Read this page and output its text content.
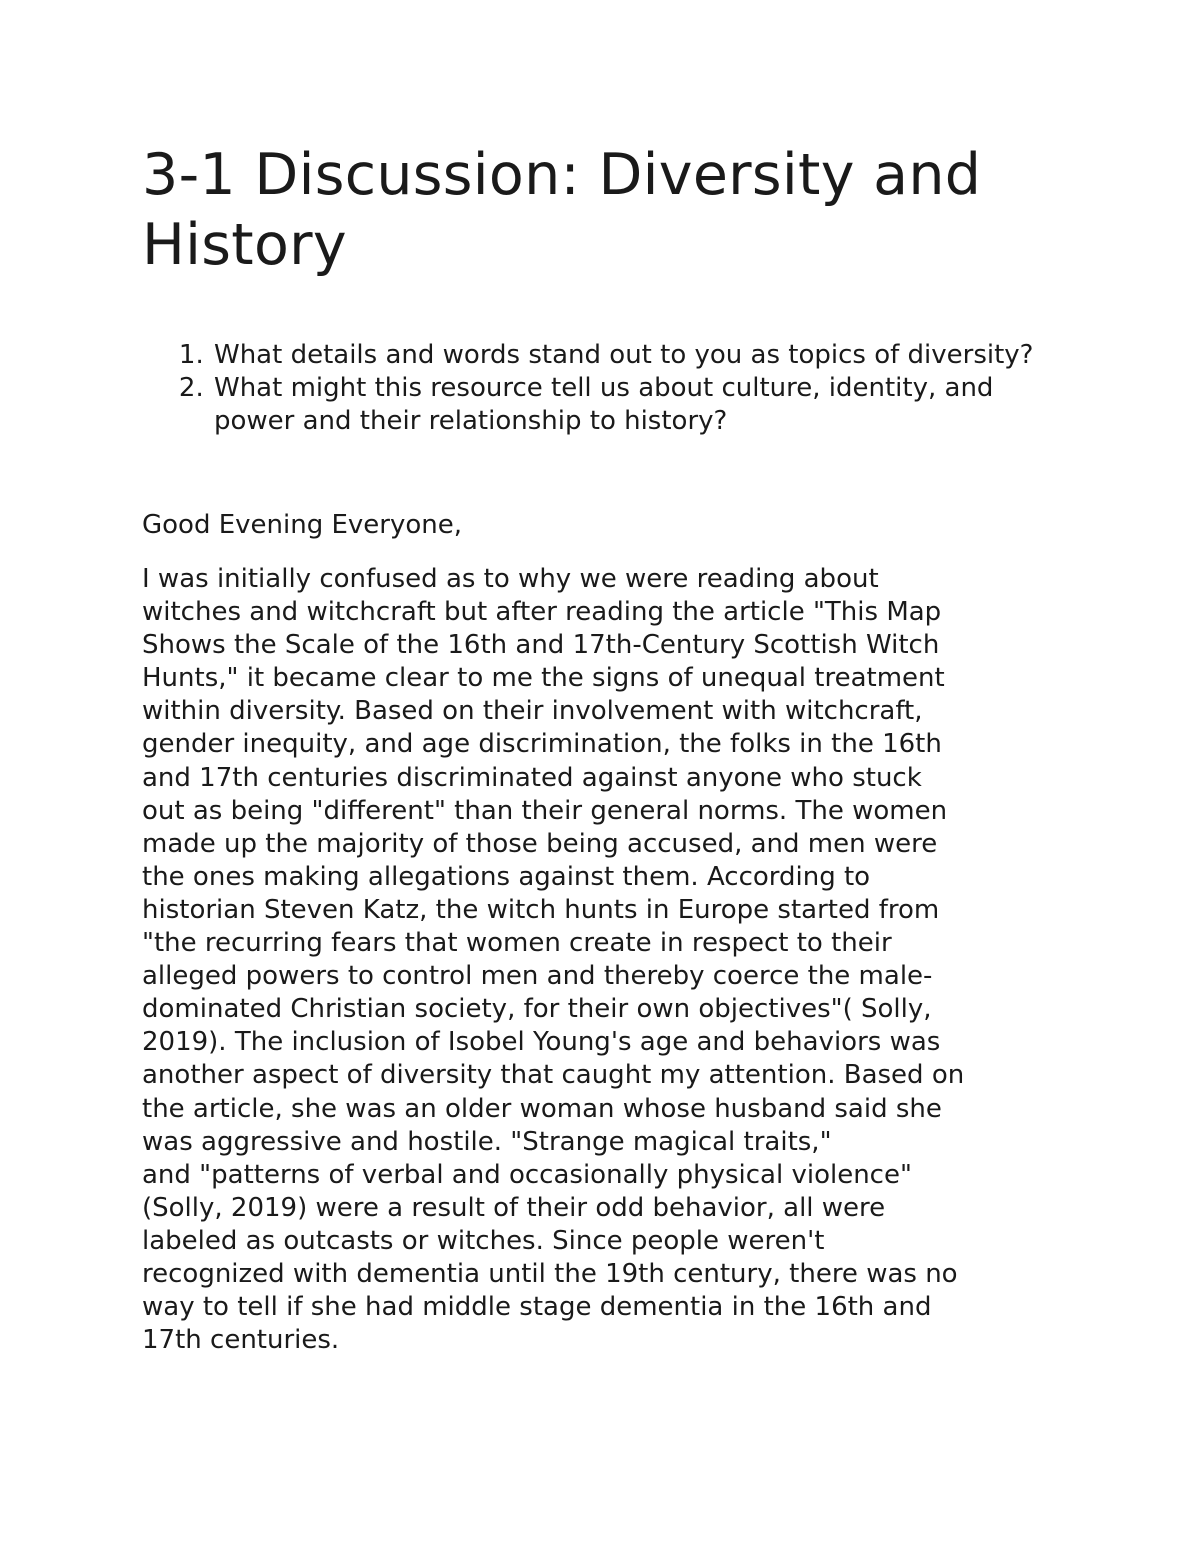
3-1 Discussion: Diversity and History
1. What details and words stand out to you as topics of diversity?
2. What might this resource tell us about culture, identity, and power and their relationship to history?

Good Evening Everyone,

I was initially confused as to why we were reading about
witches and witchcraft but after reading the article "This Map
Shows the Scale of the 16th and 17th-Century Scottish Witch
Hunts," it became clear to me the signs of unequal treatment
within diversity. Based on their involvement with witchcraft,
gender inequity, and age discrimination, the folks in the 16th
and 17th centuries discriminated against anyone who stuck
out as being "different" than their general norms. The women
made up the majority of those being accused, and men were
the ones making allegations against them. According to
historian Steven Katz, the witch hunts in Europe started from
"the recurring fears that women create in respect to their
alleged powers to control men and thereby coerce the male-
dominated Christian society, for their own objectives"( Solly,
2019). The inclusion of Isobel Young's age and behaviors was
another aspect of diversity that caught my attention. Based on
the article, she was an older woman whose husband said she
was aggressive and hostile. "Strange magical traits,"
and "patterns of verbal and occasionally physical violence"
(Solly, 2019) were a result of their odd behavior, all were
labeled as outcasts or witches. Since people weren't
recognized with dementia until the 19th century, there was no
way to tell if she had middle stage dementia in the 16th and
17th centuries.
